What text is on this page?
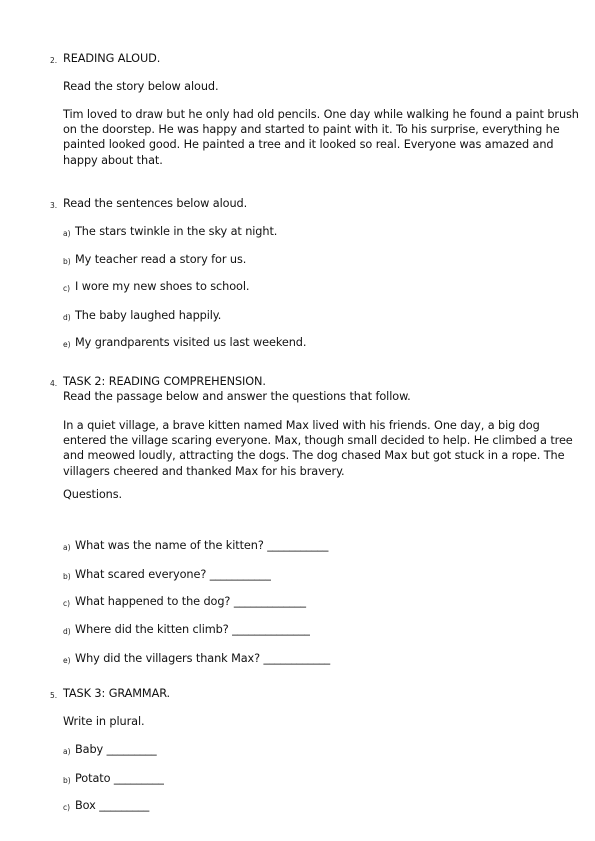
2. READING ALOUD.
Read the story below aloud.
Tim loved to draw but he only had old pencils. One day while walking he found a paint brush on the doorstep. He was happy and started to paint with it. To his surprise, everything he painted looked good. He painted a tree and it looked so real. Everyone was amazed and happy about that.
3. Read the sentences below aloud.
a) The stars twinkle in the sky at night.
b) My teacher read a story for us.
c) I wore my new shoes to school.
d) The baby laughed happily.
e) My grandparents visited us last weekend.
4. TASK 2: READING COMPREHENSION.
Read the passage below and answer the questions that follow.
In a quiet village, a brave kitten named Max lived with his friends. One day, a big dog entered the village scaring everyone. Max, though small decided to help. He climbed a tree and meowed loudly, attracting the dogs. The dog chased Max but got stuck in a rope. The villagers cheered and thanked Max for his bravery.
Questions.
a) What was the name of the kitten? ___________
b) What scared everyone? ___________
c) What happened to the dog? _____________
d) Where did the kitten climb? ______________
e) Why did the villagers thank Max? ____________
5. TASK 3: GRAMMAR.
Write in plural.
a) Baby _________
b) Potato _________
c) Box _________
